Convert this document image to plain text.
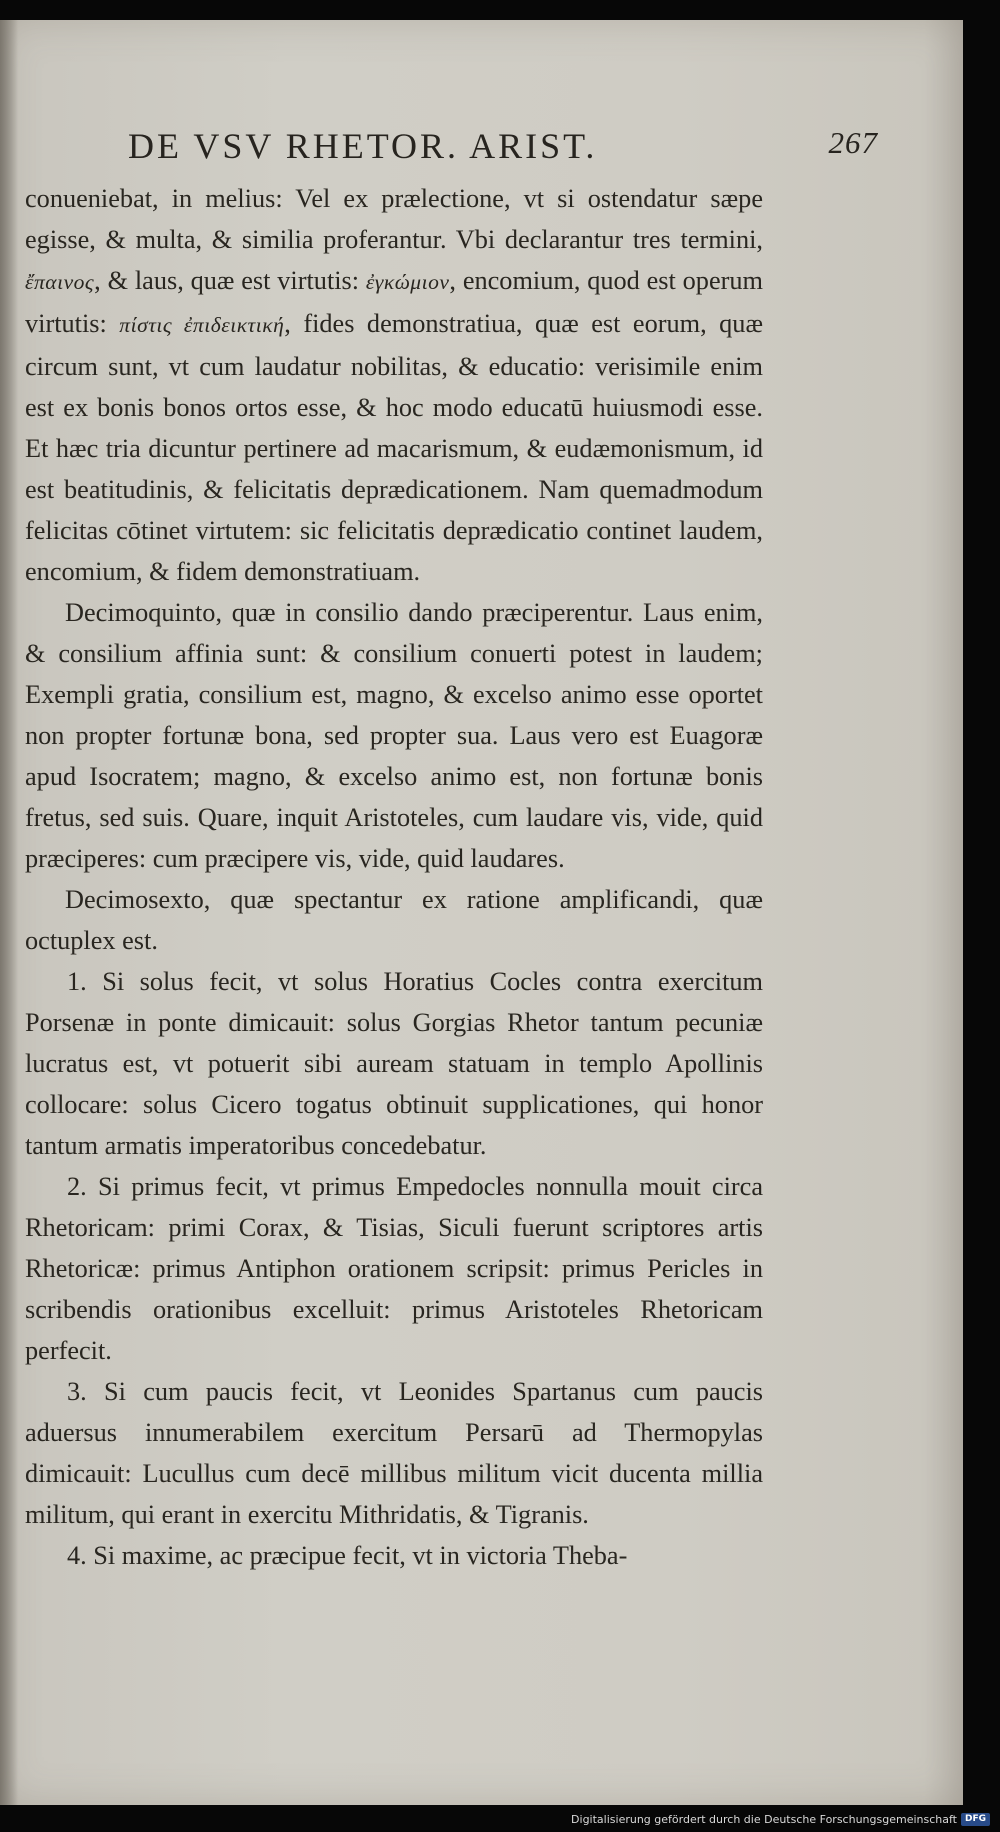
DE VSV RHETOR. ARIST.	267

conueniebat, in melius: Vel ex prælectione, vt si ostendatur sæpe egisse, & multa, & similia proferantur. Vbi declarantur tres termini, ἔπαινος, & laus, quæ est virtutis: ἐγκώμιον, encomium, quod est operum virtutis: πίστις ἐπιδεικτική, fides demonstratiua, quæ est eorum, quæ circum sunt, vt cum laudatur nobilitas, & educatio: verisimile enim est ex bonis bonos ortos esse, & hoc modo educatū huiusmodi esse. Et hæc tria dicuntur pertinere ad macarismum, & eudæmonismum, id est beatitudinis, & felicitatis deprædicationem. Nam quemadmodum felicitas cōtinet virtutem: sic felicitatis deprædicatio continet laudem, encomium, & fidem demonstratiuam.

Decimoquinto, quæ in consilio dando præciperentur. Laus enim, & consilium affinia sunt: & consilium conuerti potest in laudem; Exempli gratia, consilium est, magno, & excelso animo esse oportet non propter fortunæ bona, sed propter sua. Laus vero est Euagoræ apud Isocratem; magno, & excelso animo est, non fortunæ bonis fretus, sed suis. Quare, inquit Aristoteles, cum laudare vis, vide, quid præciperes: cum præcipere vis, vide, quid laudares.

Decimosexto, quæ spectantur ex ratione amplificandi, quæ octuplex est.

1. Si solus fecit, vt solus Horatius Cocles contra exercitum Porsenæ in ponte dimicauit: solus Gorgias Rhetor tantum pecuniæ lucratus est, vt potuerit sibi auream statuam in templo Apollinis collocare: solus Cicero togatus obtinuit supplicationes, qui honor tantum armatis imperatoribus concedebatur.

2. Si primus fecit, vt primus Empedocles nonnulla mouit circa Rhetoricam: primi Corax, & Tisias, Siculi fuerunt scriptores artis Rhetoricæ: primus Antiphon orationem scripsit: primus Pericles in scribendis orationibus excelluit: primus Aristoteles Rhetoricam perfecit.

3. Si cum paucis fecit, vt Leonides Spartanus cum paucis aduersus innumerabilem exercitum Persarū ad Thermopylas dimicauit: Lucullus cum decē millibus militum vicit ducenta millia militum, qui erant in exercitu Mithridatis, & Tigranis.

4. Si maxime, ac præcipue fecit, vt in victoria Theba-

Digitalisierung gefördert durch die Deutsche Forschungsgemeinschaft DFG
